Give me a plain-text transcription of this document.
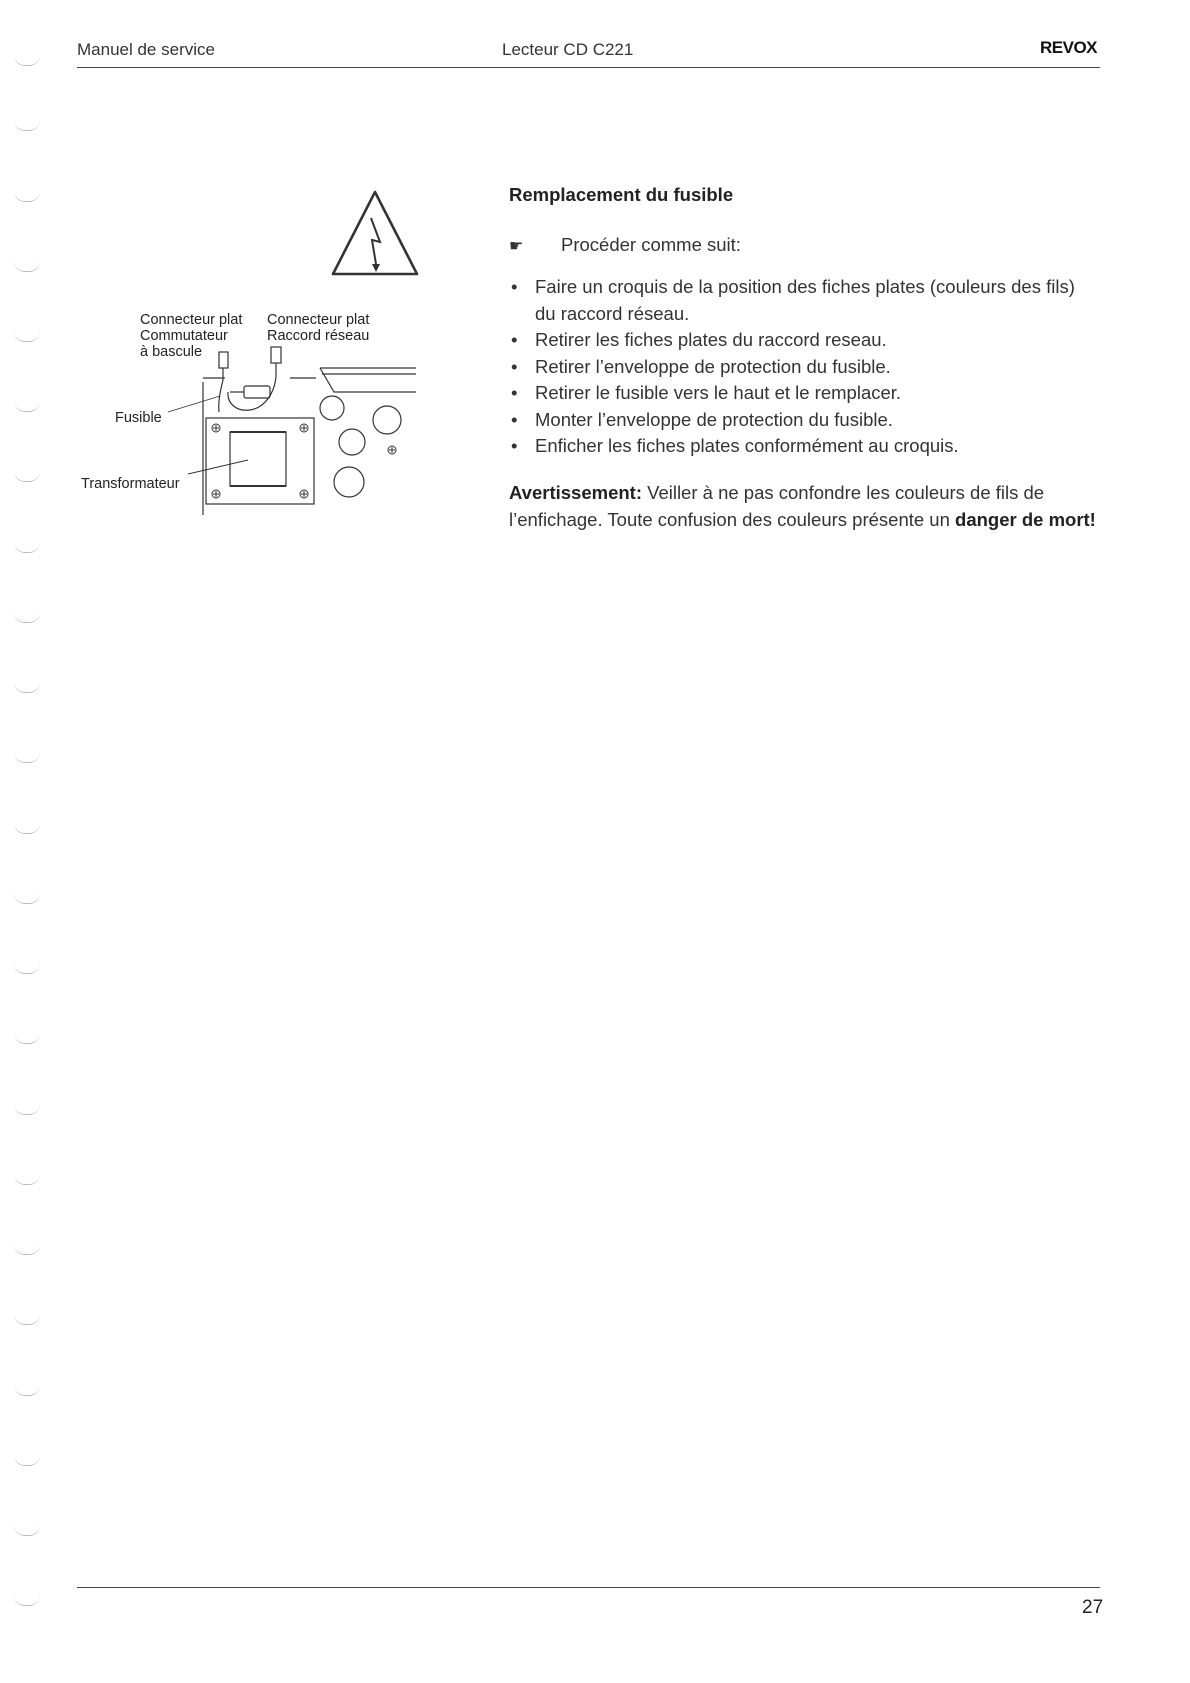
Manuel de service	Lecteur CD C221	REVOX
Connecteur plat
Commutateur
à bascule
Connecteur plat
Raccord réseau
Fusible
Transformateur
Remplacement du fusible
☛ Procéder comme suit:
• Faire un croquis de la position des fiches plates (couleurs des fils) du raccord réseau.
• Retirer les fiches plates du raccord reseau.
• Retirer l’enveloppe de protection du fusible.
• Retirer le fusible vers le haut et le remplacer.
• Monter l’enveloppe de protection du fusible.
• Enficher les fiches plates conformément au croquis.
Avertissement: Veiller à ne pas confondre les couleurs de fils de l’enfichage. Toute confusion des couleurs présente un danger de mort!
27
